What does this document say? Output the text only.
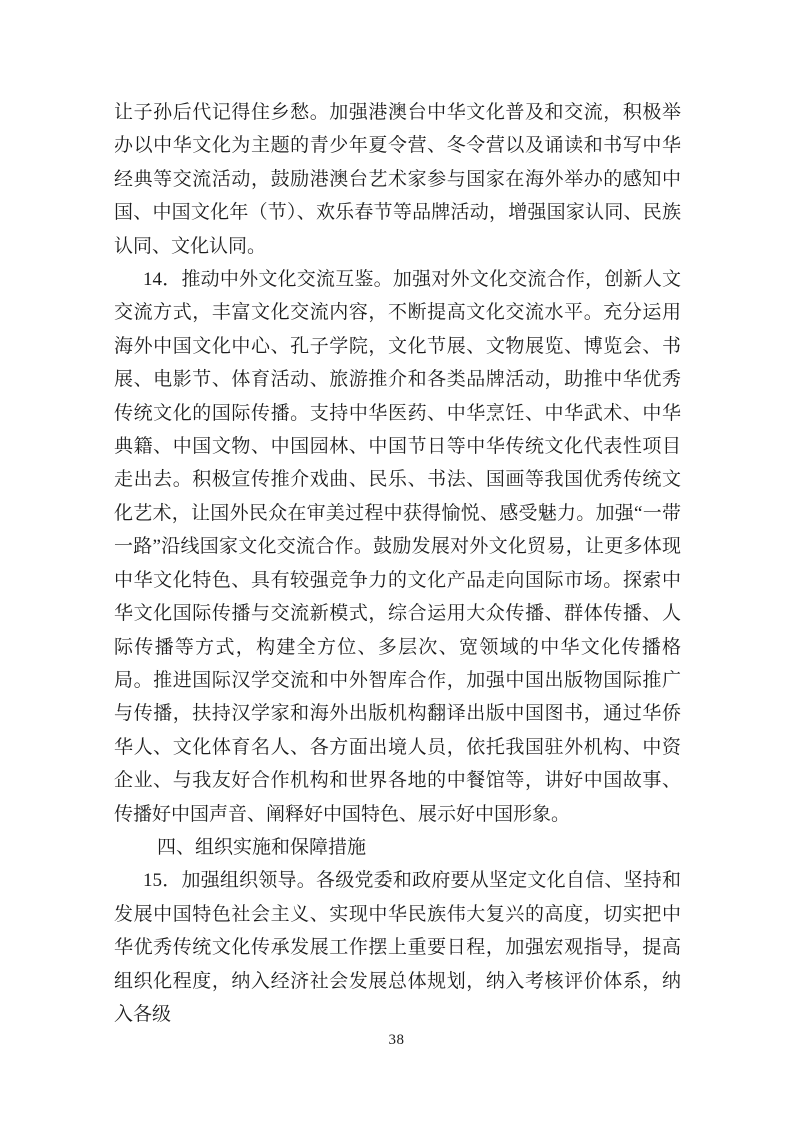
让子孙后代记得住乡愁。加强港澳台中华文化普及和交流，积极举办以中华文化为主题的青少年夏令营、冬令营以及诵读和书写中华经典等交流活动，鼓励港澳台艺术家参与国家在海外举办的感知中国、中国文化年（节）、欢乐春节等品牌活动，增强国家认同、民族认同、文化认同。
14．推动中外文化交流互鉴。加强对外文化交流合作，创新人文交流方式，丰富文化交流内容，不断提高文化交流水平。充分运用海外中国文化中心、孔子学院，文化节展、文物展览、博览会、书展、电影节、体育活动、旅游推介和各类品牌活动，助推中华优秀传统文化的国际传播。支持中华医药、中华烹饪、中华武术、中华典籍、中国文物、中国园林、中国节日等中华传统文化代表性项目走出去。积极宣传推介戏曲、民乐、书法、国画等我国优秀传统文化艺术，让国外民众在审美过程中获得愉悦、感受魅力。加强“一带一路”沿线国家文化交流合作。鼓励发展对外文化贸易，让更多体现中华文化特色、具有较强竞争力的文化产品走向国际市场。探索中华文化国际传播与交流新模式，综合运用大众传播、群体传播、人际传播等方式，构建全方位、多层次、宽领域的中华文化传播格局。推进国际汉学交流和中外智库合作，加强中国出版物国际推广与传播，扶持汉学家和海外出版机构翻译出版中国图书，通过华侨华人、文化体育名人、各方面出境人员，依托我国驻外机构、中资企业、与我友好合作机构和世界各地的中餐馆等，讲好中国故事、传播好中国声音、阐释好中国特色、展示好中国形象。
四、组织实施和保障措施
15．加强组织领导。各级党委和政府要从坚定文化自信、坚持和发展中国特色社会主义、实现中华民族伟大复兴的高度，切实把中华优秀传统文化传承发展工作摆上重要日程，加强宏观指导，提高组织化程度，纳入经济社会发展总体规划，纳入考核评价体系，纳入各级
38
